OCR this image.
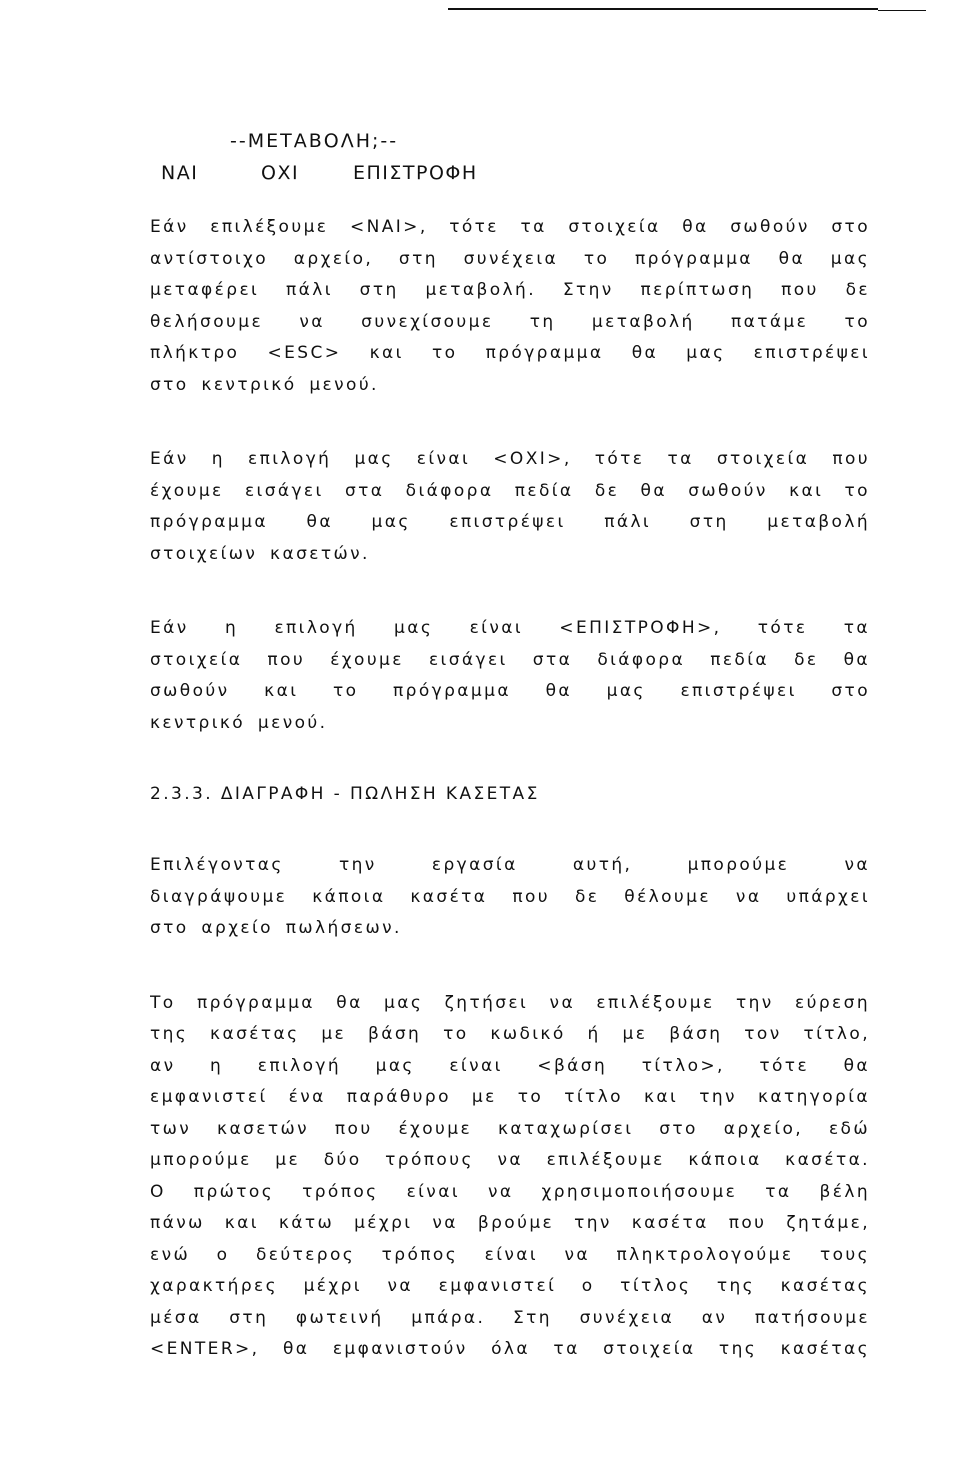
--ΜΕΤΑΒΟΛΗ;--
ΝΑΙ	ΟΧΙ	ΕΠΙΣΤΡΟΦΗ

Εάν επιλέξουμε <ΝΑΙ>, τότε τα στοιχεία θα σωθούν στο
αντίστοιχο αρχείο, στη συνέχεια το πρόγραμμα θα μας
μεταφέρει πάλι στη μεταβολή. Στην περίπτωση που δε
θελήσουμε να συνεχίσουμε τη μεταβολή πατάμε το
πλήκτρο <ESC> και το πρόγραμμα θα μας επιστρέψει
στο κεντρικό μενού.

Εάν η επιλογή μας είναι <ΟΧΙ>, τότε τα στοιχεία που
έχουμε εισάγει στα διάφορα πεδία δε θα σωθούν και το
πρόγραμμα θα μας επιστρέψει πάλι στη μεταβολή
στοιχείων κασετών.

Εάν η επιλογή μας είναι <ΕΠΙΣΤΡΟΦΗ>, τότε τα
στοιχεία που έχουμε εισάγει στα διάφορα πεδία δε θα
σωθούν και το πρόγραμμα θα μας επιστρέψει στο
κεντρικό μενού.

2.3.3. ΔΙΑΓΡΑΦΗ - ΠΩΛΗΣΗ ΚΑΣΕΤΑΣ

Επιλέγοντας την εργασία αυτή, μπορούμε να
διαγράψουμε κάποια κασέτα που δε θέλουμε να υπάρχει
στο αρχείο πωλήσεων.

Το πρόγραμμα θα μας ζητήσει να επιλέξουμε την εύρεση
της κασέτας με βάση το κωδικό ή με βάση τον τίτλο,
αν η επιλογή μας είναι <βάση τίτλο>, τότε θα
εμφανιστεί ένα παράθυρο με το τίτλο και την κατηγορία
των κασετών που έχουμε καταχωρίσει στο αρχείο, εδώ
μπορούμε με δύο τρόπους να επιλέξουμε κάποια κασέτα.
Ο πρώτος τρόπος είναι να χρησιμοποιήσουμε τα βέλη
πάνω και κάτω μέχρι να βρούμε την κασέτα που ζητάμε,
ενώ ο δεύτερος τρόπος είναι να πληκτρολογούμε τους
χαρακτήρες μέχρι να εμφανιστεί ο τίτλος της κασέτας
μέσα στη φωτεινή μπάρα. Στη συνέχεια αν πατήσουμε
<ENTER>, θα εμφανιστούν όλα τα στοιχεία της κασέτας
